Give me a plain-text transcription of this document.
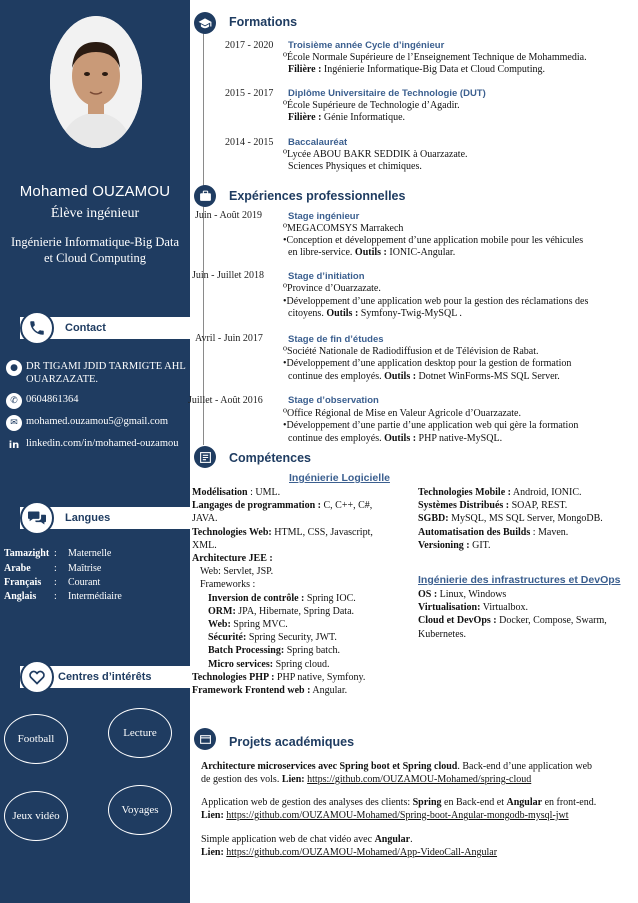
Mohamed OUZAMOU
Élève ingénieur
Ingénierie Informatique-Big Data et Cloud Computing
Contact
● DR TIGAMI JDID TARMIGTE AHL OUARZAZATE.
✆ 0604861364
✉ mohamed.ouzamou5@gmail.com
in linkedin.com/in/mohamed-ouzamou
Langues
Tamazight :	Maternelle
Arabe	:	Maîtrise
Français	:	Courant
Anglais	:	Intermédiaire
Centres d’intérêts
Football	Lecture
Jeux vidéo	Voyages
Formations
2017 - 2020 Troisième année Cycle d’ingénieur
⁰École Normale Supérieure de l’Enseignement Technique de Mohammedia.
Filière : Ingénierie Informatique-Big Data et Cloud Computing.
2015 - 2017 Diplôme Universitaire de Technologie (DUT)
⁰École Supérieure de Technologie d’Agadir.
Filière : Génie Informatique.
2014 - 2015 Baccalauréat
⁰Lycée ABOU BAKR SEDDIK à Ouarzazate.
Sciences Physiques et chimiques.
Expériences professionnelles
Juin - Août 2019	Stage ingénieur
⁰MEGACOMSYS Marrakech
•Conception et développement d’une application mobile pour les véhicules
en libre-service. Outils : IONIC-Angular.
Juin - Juillet 2018	Stage d’initiation
⁰Province d’Ouarzazate.
•Développement d’une application web pour la gestion des réclamations des
citoyens. Outils : Symfony-Twig-MySQL .
Avril - Juin 2017	Stage de fin d’études
⁰Société Nationale de Radiodiffusion et de Télévision de Rabat.
•Développement d’une application desktop pour la gestion de formation
continue des employés. Outils : Dotnet WinForms-MS SQL Server.
Juillet - Août 2016	Stage d’observation
⁰Office Régional de Mise en Valeur Agricole d’Ouarzazate.
•Développement d’une partie d’une application web qui gère la formation
continue des employés. Outils : PHP native-MySQL.
Compétences
Ingénierie Logicielle
Modélisation : UML.
Langages de programmation : C, C++, C#,
JAVA.
Technologies Web: HTML, CSS, Javascript,
XML.
Architecture JEE :
Web: Servlet, JSP.
Frameworks :
Inversion de contrôle : Spring IOC.
ORM: JPA, Hibernate, Spring Data.
Web: Spring MVC.
Sécurité: Spring Security, JWT.
Batch Processing: Spring batch.
Micro services: Spring cloud.
Technologies PHP : PHP native, Symfony.
Framework Frontend web : Angular.
Technologies Mobile : Android, IONIC.
Systèmes Distribués : SOAP, REST.
SGBD: MySQL, MS SQL Server, MongoDB.
Automatisation des Builds : Maven.
Versioning : GIT.
Ingénierie des infrastructures et DevOps
OS : Linux, Windows
Virtualisation: Virtualbox.
Cloud et DevOps : Docker, Compose, Swarm,
Kubernetes.
Projets académiques
Architecture microservices avec Spring boot et Spring cloud. Back-end d’une application web
de gestion des vols. Lien: https://github.com/OUZAMOU-Mohamed/spring-cloud
Application web de gestion des analyses des clients: Spring en Back-end et Angular en front-end.
Lien: https://github.com/OUZAMOU-Mohamed/Spring-boot-Angular-mongodb-mysql-jwt
Simple application web de chat vidéo avec Angular.
Lien: https://github.com/OUZAMOU-Mohamed/App-VideoCall-Angular
